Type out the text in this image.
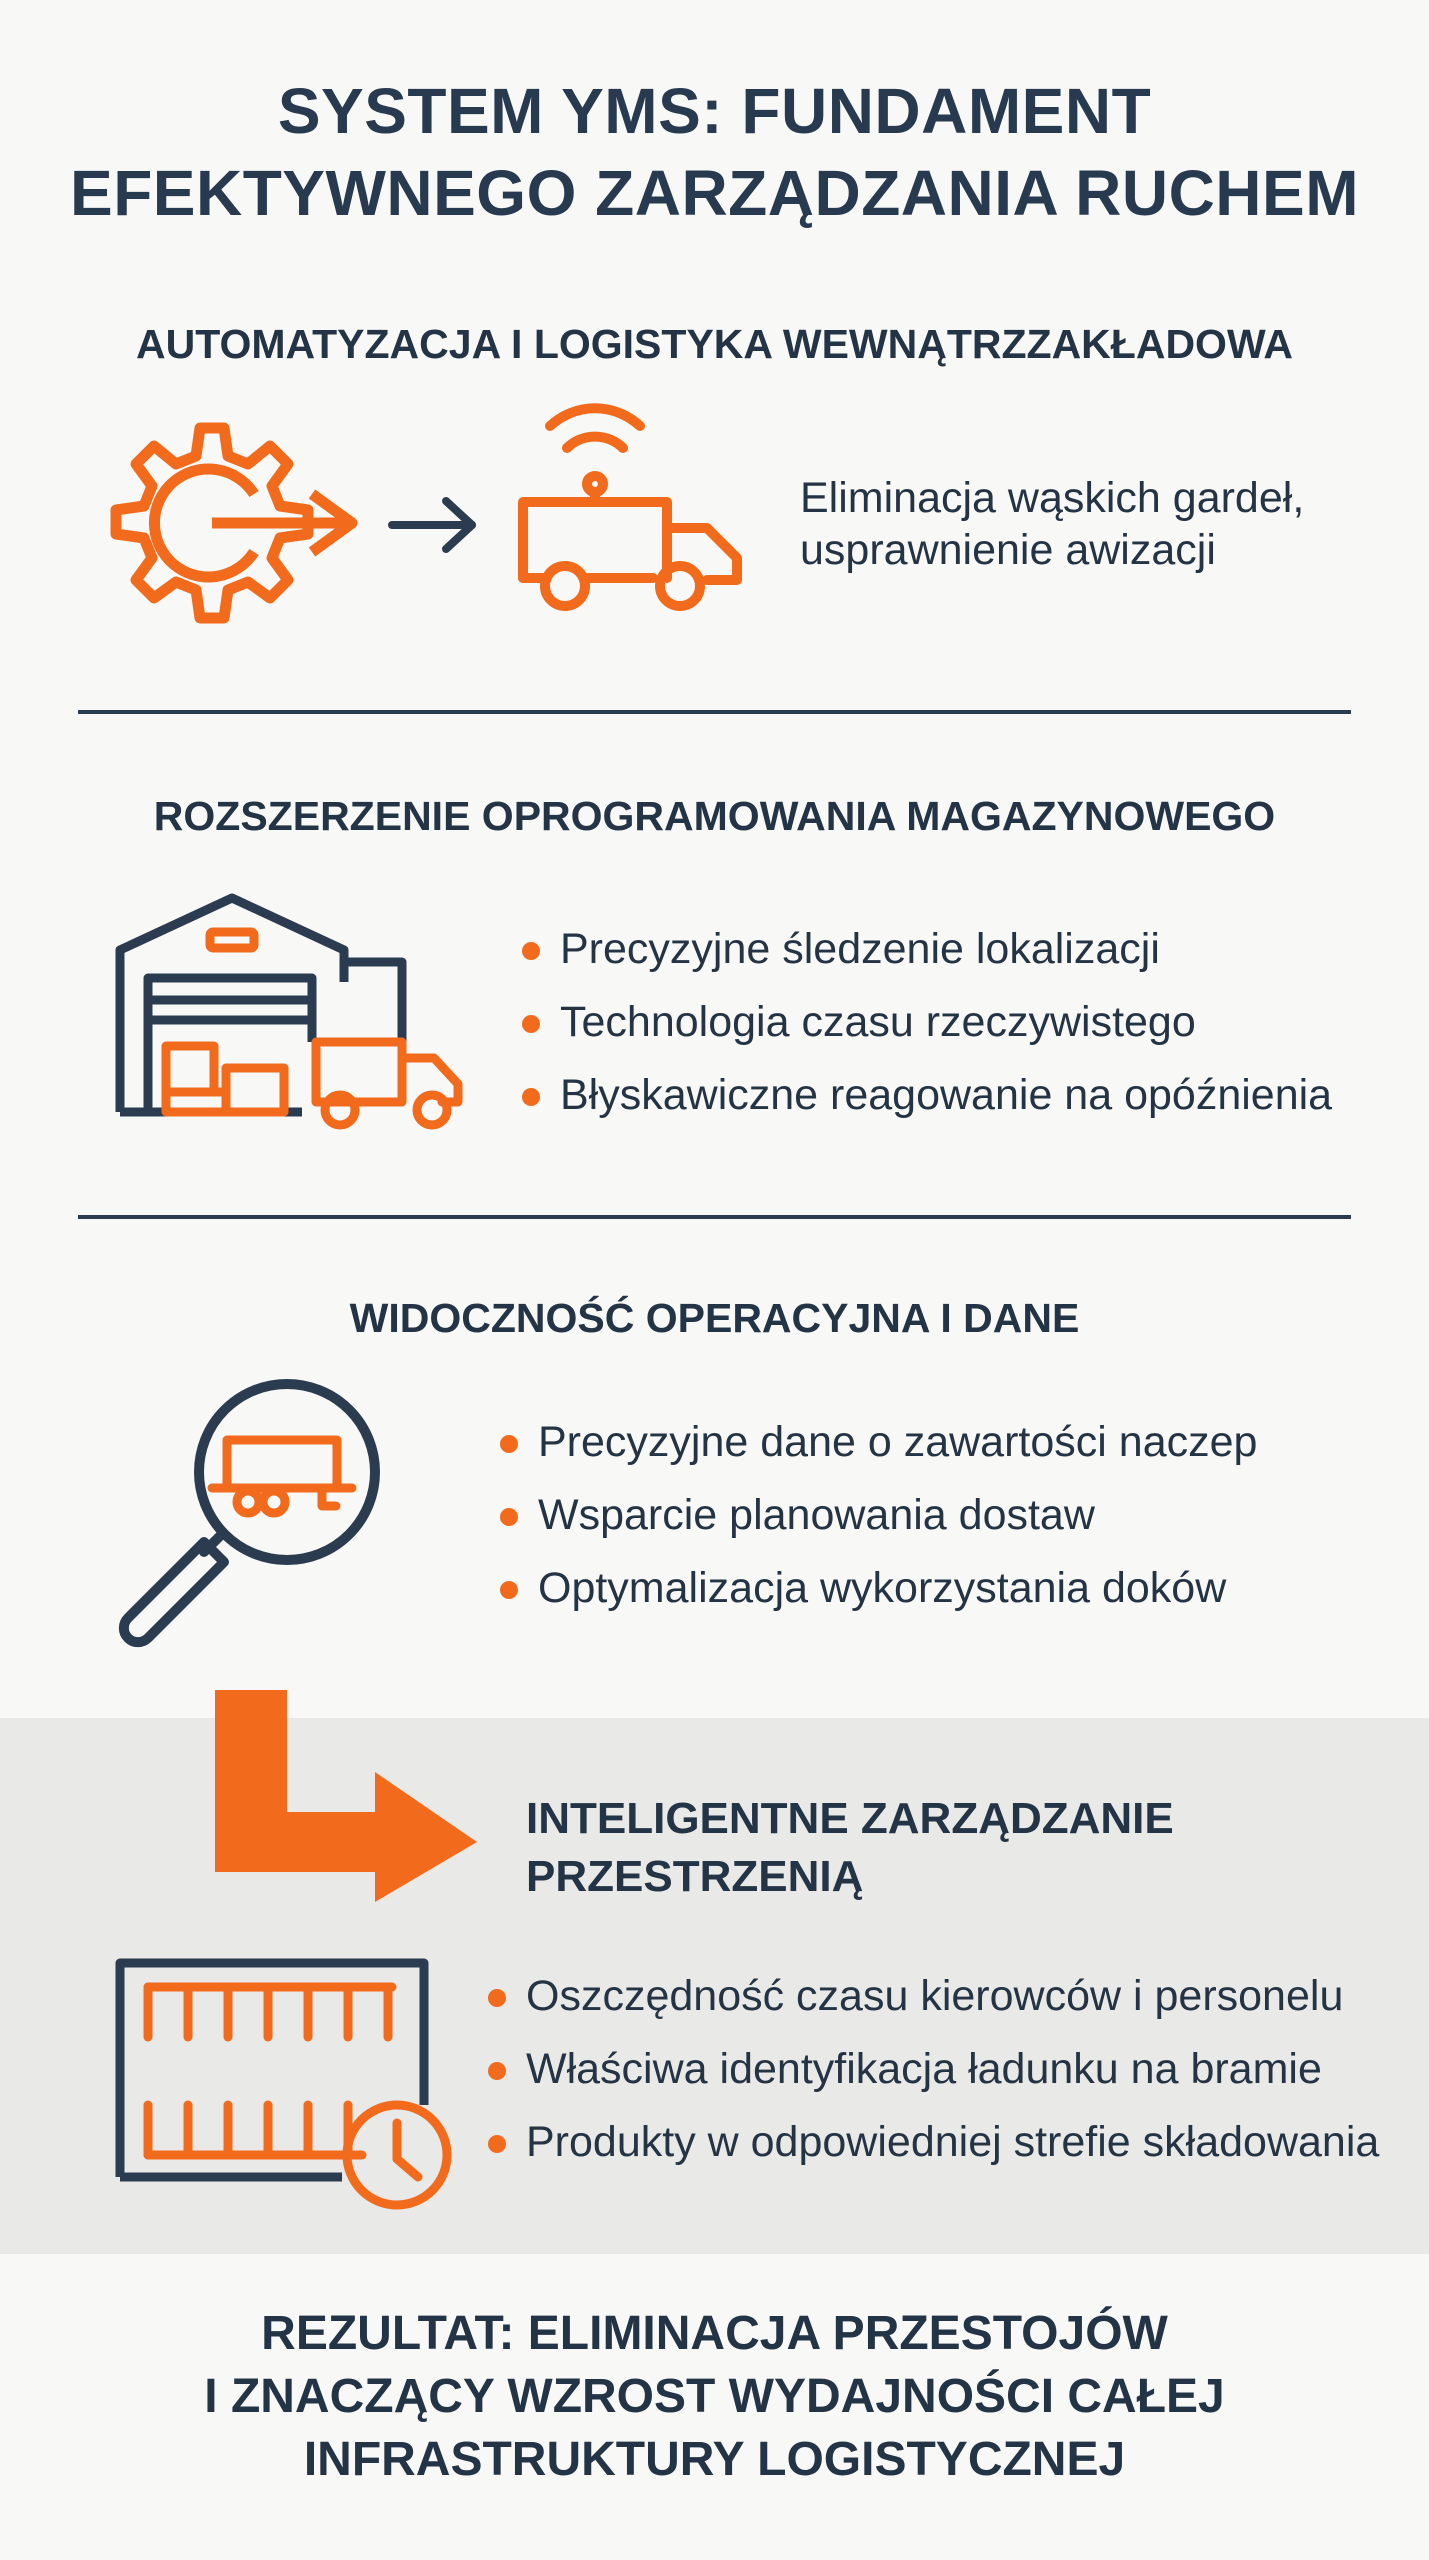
SYSTEM YMS: FUNDAMENT
EFEKTYWNEGO ZARZĄDZANIA RUCHEM
AUTOMATYZACJA I LOGISTYKA WEWNĄTRZZAKŁADOWA
Eliminacja wąskich gardeł,
usprawnienie awizacji
ROZSZERZENIE OPROGRAMOWANIA MAGAZYNOWEGO
Precyzyjne śledzenie lokalizacji
Technologia czasu rzeczywistego
Błyskawiczne reagowanie na opóźnienia
WIDOCZNOŚĆ OPERACYJNA I DANE
Precyzyjne dane o zawartości naczep
Wsparcie planowania dostaw
Optymalizacja wykorzystania doków
INTELIGENTNE ZARZĄDZANIE
PRZESTRZENIĄ
Oszczędność czasu kierowców i personelu
Właściwa identyfikacja ładunku na bramie
Produkty w odpowiedniej strefie składowania
REZULTAT: ELIMINACJA PRZESTOJÓW
I ZNACZĄCY WZROST WYDAJNOŚCI CAŁEJ
INFRASTRUKTURY LOGISTYCZNEJ
